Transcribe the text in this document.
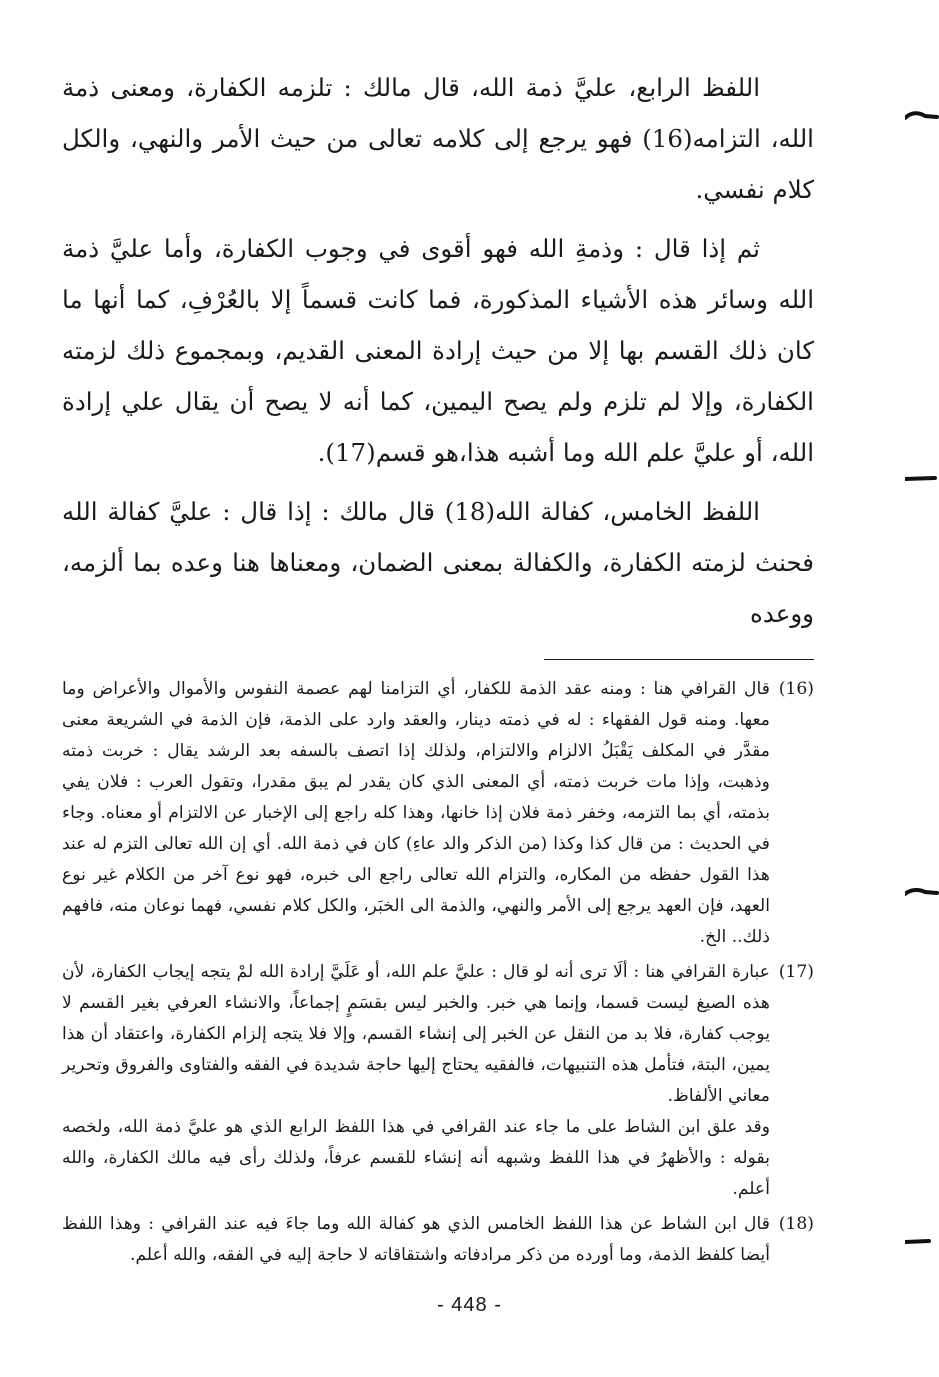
اللفظ الرابع، عليَّ ذمة الله، قال مالك : تلزمه الكفارة، ومعنى ذمة الله، التزامه(16) فهو يرجع إلى كلامه تعالى من حيث الأمر والنهي، والكل كلام نفسي.

ثم إذا قال : وذمةِ الله فهو أقوى في وجوب الكفارة، وأما عليَّ ذمة الله وسائر هذه الأشياء المذكورة، فما كانت قسماً إلا بالعُرْفِ، كما أنها ما كان ذلك القسم بها إلا من حيث إرادة المعنى القديم، وبمجموع ذلك لزمته الكفارة، وإلا لم تلزم ولم يصح اليمين، كما أنه لا يصح أن يقال علي إرادة الله، أو عليَّ علم الله وما أشبه هذا،هو قسم(17).

اللفظ الخامس، كفالة الله(18) قال مالك : إذا قال : عليَّ كفالة الله فحنث لزمته الكفارة، والكفالة بمعنى الضمان، ومعناها هنا وعده بما ألزمه، ووعده

(16)

قال القرافي هنا : ومنه عقد الذمة للكفار، أي التزامنا لهم عصمة النفوس والأموال والأعراض وما معها. ومنه قول الفقهاء : له في ذمته دينار، والعقد وارد على الذمة، فإن الذمة في الشريعة معنى مقدَّر في المكلف يَقْبَلُ الالزام والالتزام، ولذلك إذا اتصف بالسفه بعد الرشد يقال : خربت ذمته وذهبت، وإذا مات خربت ذمته، أي المعنى الذي كان يقدر لم يبق مقدرا، وتقول العرب : فلان يفي بذمته، أي بما التزمه، وخفر ذمة فلان إذا خانها، وهذا كله راجع إلى الإخبار عن الالتزام أو معناه. وجاء في الحديث : من قال كذا وكذا (من الذكر والد عاءِ) كان في ذمة الله. أي إن الله تعالى التزم له عند هذا القول حفظه من المكاره، والتزام الله تعالى راجع الى خبره، فهو نوع آخر من الكلام غير نوع العهد، فإن العهد يرجع إلى الأمر والنهي، والذمة الى الخبَر، والكل كلام نفسي، فهما نوعان منه، فافهم ذلك.. الخ.

(17)

عبارة القرافي هنا : ألَا ترى أنه لو قال : عليَّ علم الله، أو عَلَيَّ إرادة الله لمْ يتجه إيجاب الكفارة، لأن هذه الصيغ ليست قسما، وإنما هي خبر. والخبر ليس بقسَمٍ إجماعاً، والانشاء العرفي بغير القسم لا يوجب كفارة، فلا بد من النقل عن الخبر إلى إنشاء القسم، وإلا فلا يتجه إلزام الكفارة، واعتقاد أن هذا يمين، البتة، فتأمل هذه التنبيهات، فالفقيه يحتاج إليها حاجة شديدة في الفقه والفتاوى والفروق وتحرير معاني الألفاظ.

وقد علق ابن الشاط على ما جاء عند القرافي في هذا اللفظ الرابع الذي هو عليَّ ذمة الله، ولخصه بقوله : والأظهرُ في هذا اللفظ وشبهه أنه إنشاء للقسم عرفاً، ولذلك رأى فيه مالك الكفارة، والله أعلم.

(18)

قال ابن الشاط عن هذا اللفظ الخامس الذي هو كفالة الله وما جاءَ فيه عند القرافي : وهذا اللفظ أيضا كلفظ الذمة، وما أورده من ذكر مرادفاته واشتقاقاته لا حاجة إليه في الفقه، والله أعلم.

- 448 -
